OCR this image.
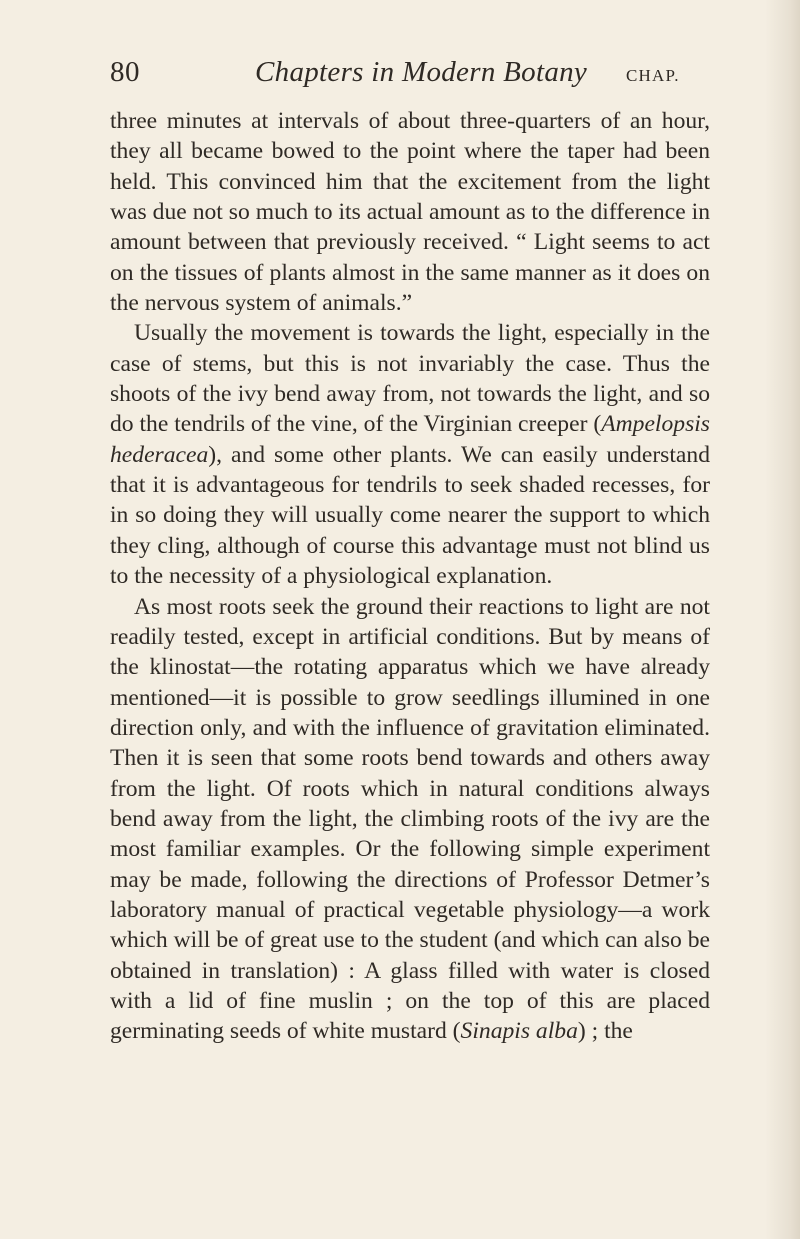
80	Chapters in Modern Botany CHAP.

three minutes at intervals of about three-quarters of an hour, they all became bowed to the point where the taper had been held. This convinced him that the excitement from the light was due not so much to its actual amount as to the difference in amount between that previously received. “ Light seems to act on the tissues of plants almost in the same manner as it does on the nervous system of animals.”

Usually the movement is towards the light, especially in the case of stems, but this is not invariably the case. Thus the shoots of the ivy bend away from, not towards the light, and so do the tendrils of the vine, of the Virginian creeper (Ampelopsis hederacea), and some other plants. We can easily understand that it is advantageous for tendrils to seek shaded recesses, for in so doing they will usually come nearer the support to which they cling, although of course this advantage must not blind us to the necessity of a physiological explanation.

As most roots seek the ground their reactions to light are not readily tested, except in artificial conditions. But by means of the klinostat—the rotating apparatus which we have already mentioned—it is possible to grow seedlings illumined in one direction only, and with the influence of gravitation eliminated. Then it is seen that some roots bend towards and others away from the light. Of roots which in natural conditions always bend away from the light, the climbing roots of the ivy are the most familiar examples. Or the following simple experiment may be made, following the directions of Professor Detmer’s laboratory manual of practical vegetable physiology—a work which will be of great use to the student (and which can also be obtained in translation) : A glass filled with water is closed with a lid of fine muslin ; on the top of this are placed germinating seeds of white mustard (Sinapis alba) ; the
